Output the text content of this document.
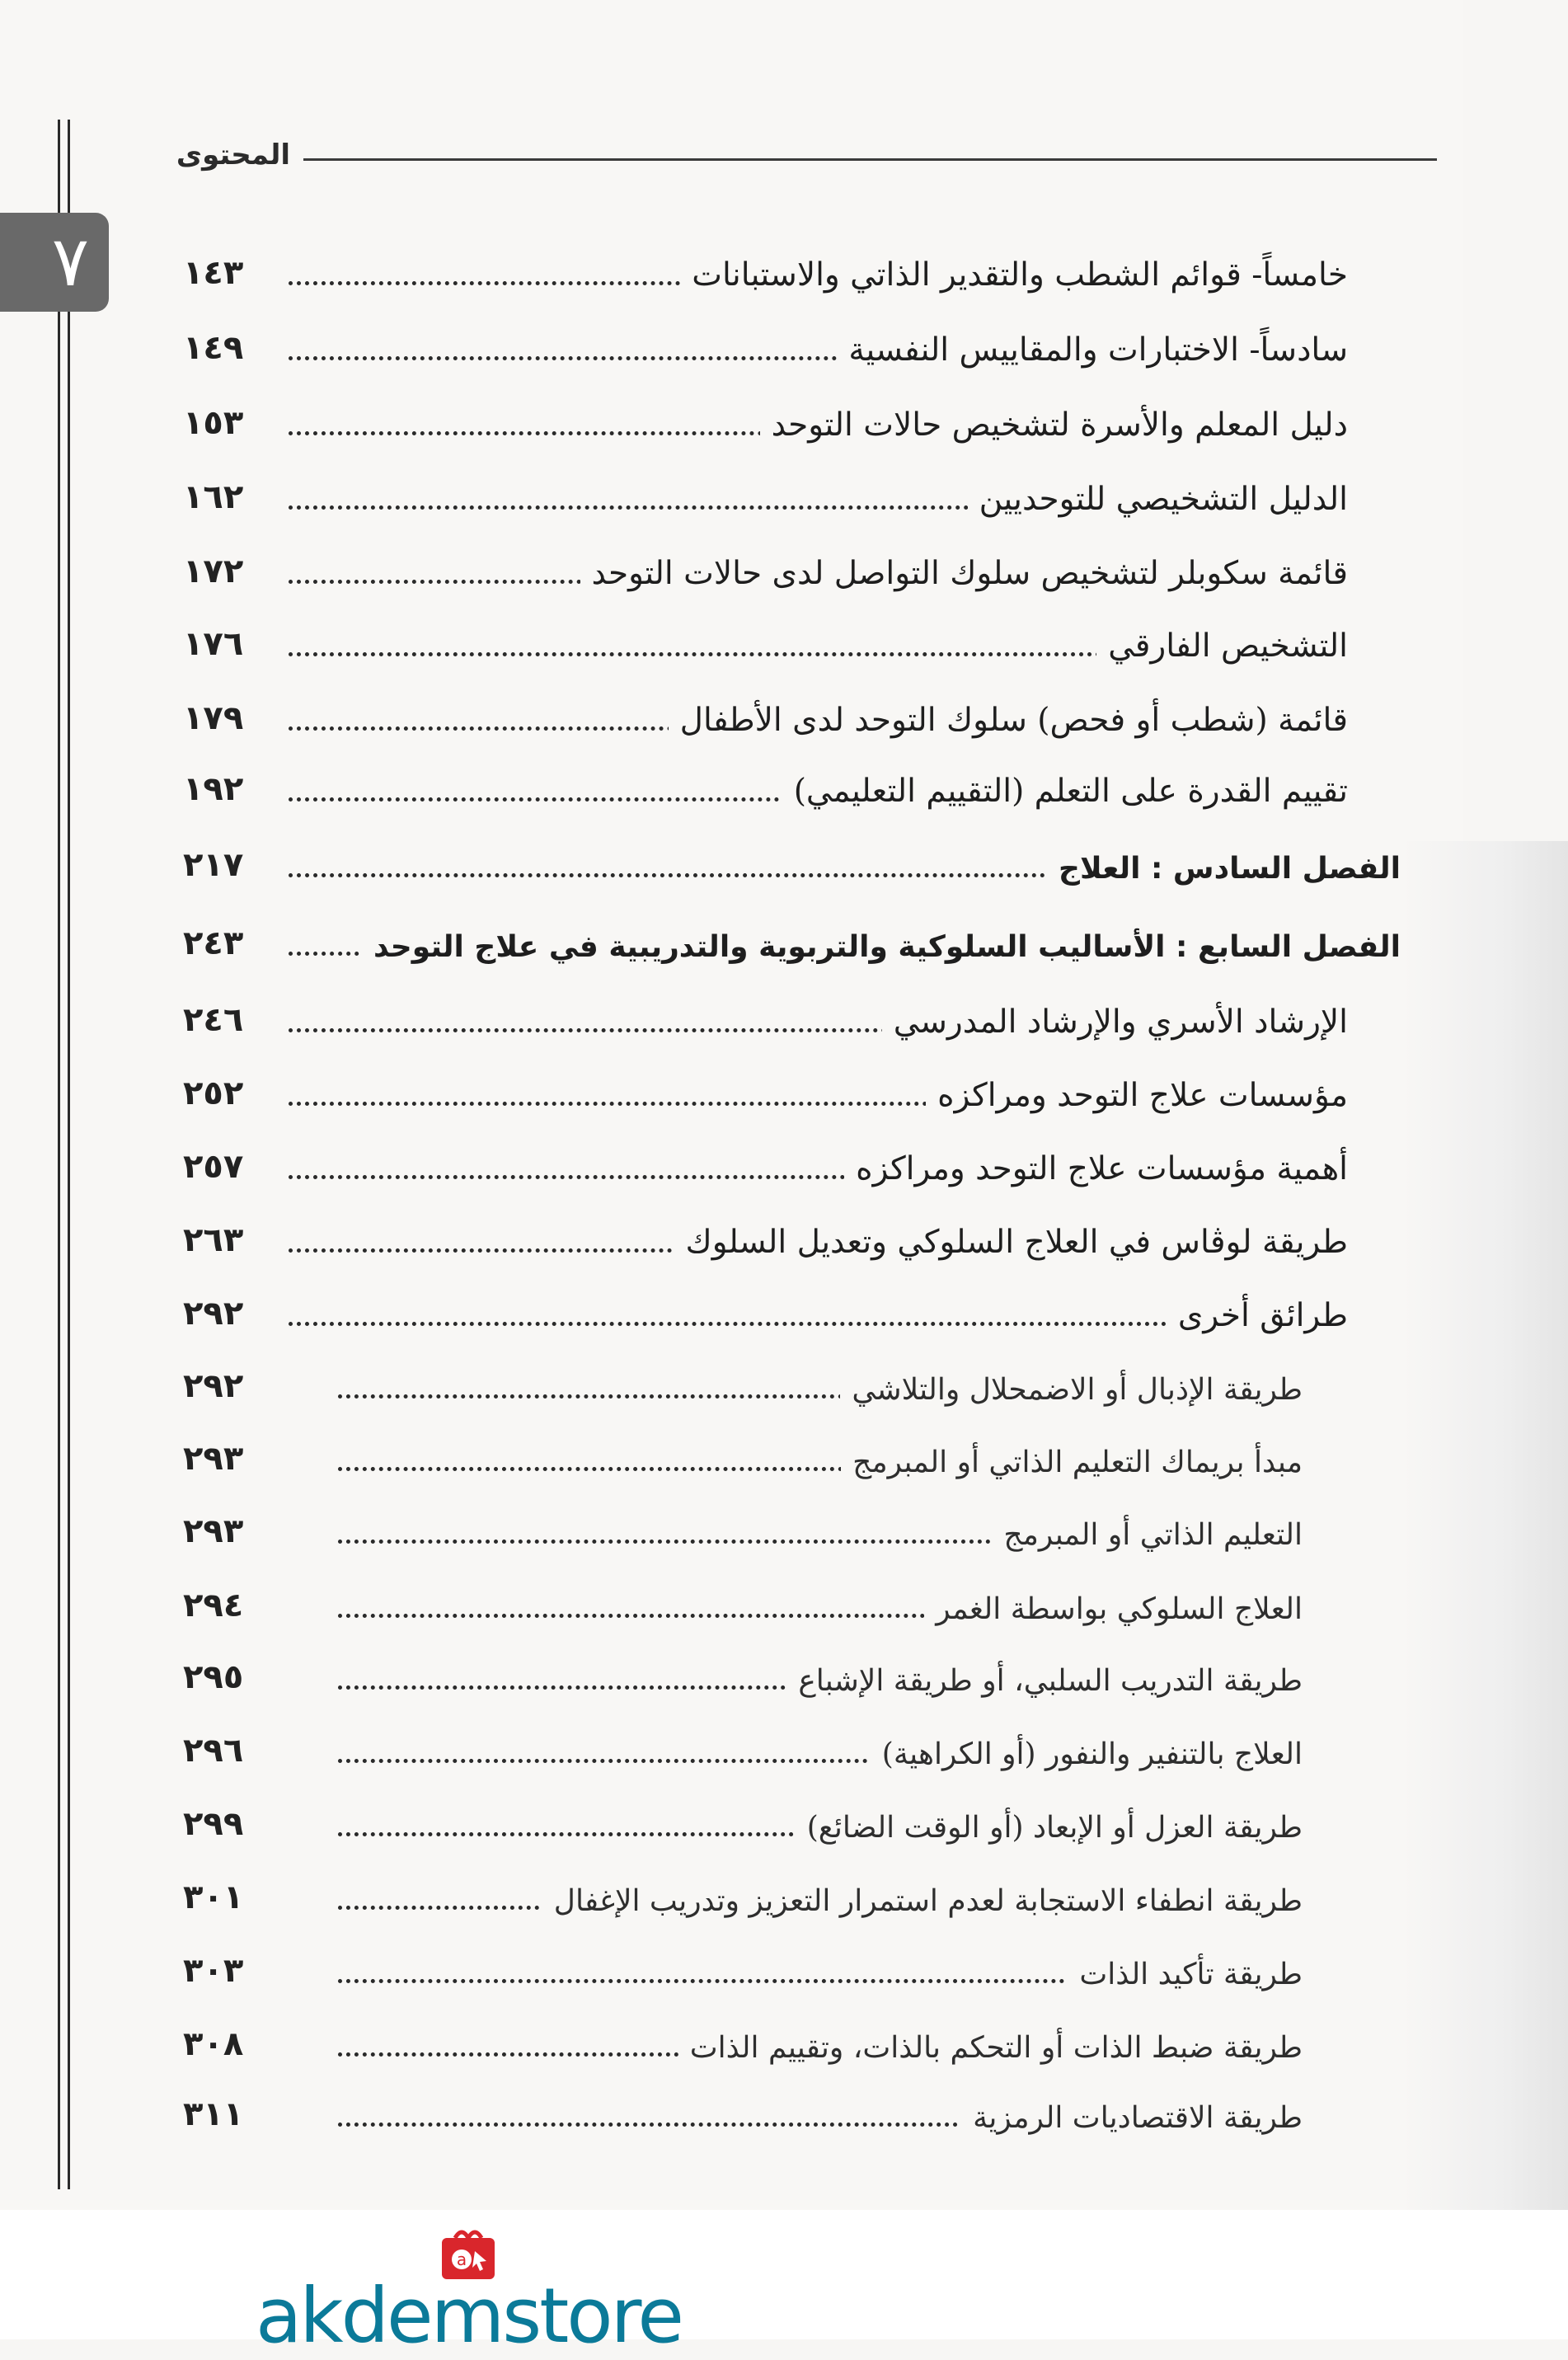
٧
المحتوى
خامساً- قوائم الشطب والتقدير الذاتي والاستبانات
١٤٣
سادساً- الاختبارات والمقاييس النفسية
١٤٩
دليل المعلم والأسرة لتشخيص حالات التوحد
١٥٣
الدليل التشخيصي للتوحديين
١٦٢
قائمة سكوبلر لتشخيص سلوك التواصل لدى حالات التوحد
١٧٢
التشخيص الفارقي
١٧٦
قائمة (شطب أو فحص) سلوك التوحد لدى الأطفال
١٧٩
تقييم القدرة على التعلم (التقييم التعليمي)
١٩٢
الفصل السادس : العلاج
٢١٧
الفصل السابع : الأساليب السلوكية والتربوية والتدريبية في علاج التوحد
٢٤٣
الإرشاد الأسري والإرشاد المدرسي
٢٤٦
مؤسسات علاج التوحد ومراكزه
٢٥٢
أهمية مؤسسات علاج التوحد ومراكزه
٢٥٧
طريقة لوڤاس في العلاج السلوكي وتعديل السلوك
٢٦٣
طرائق أخرى
٢٩٢
طريقة الإذبال أو الاضمحلال والتلاشي
٢٩٢
مبدأ بريماك التعليم الذاتي أو المبرمج
٢٩٣
التعليم الذاتي أو المبرمج
٢٩٣
العلاج السلوكي بواسطة الغمر
٢٩٤
طريقة التدريب السلبي، أو طريقة الإشباع
٢٩٥
العلاج بالتنفير والنفور (أو الكراهية)
٢٩٦
طريقة العزل أو الإبعاد (أو الوقت الضائع)
٢٩٩
طريقة انطفاء الاستجابة لعدم استمرار التعزيز وتدريب الإغفال
٣٠١
طريقة تأكيد الذات
٣٠٣
طريقة ضبط الذات أو التحكم بالذات، وتقييم الذات
٣٠٨
طريقة الاقتصاديات الرمزية
٣١١
a
akdemstore
